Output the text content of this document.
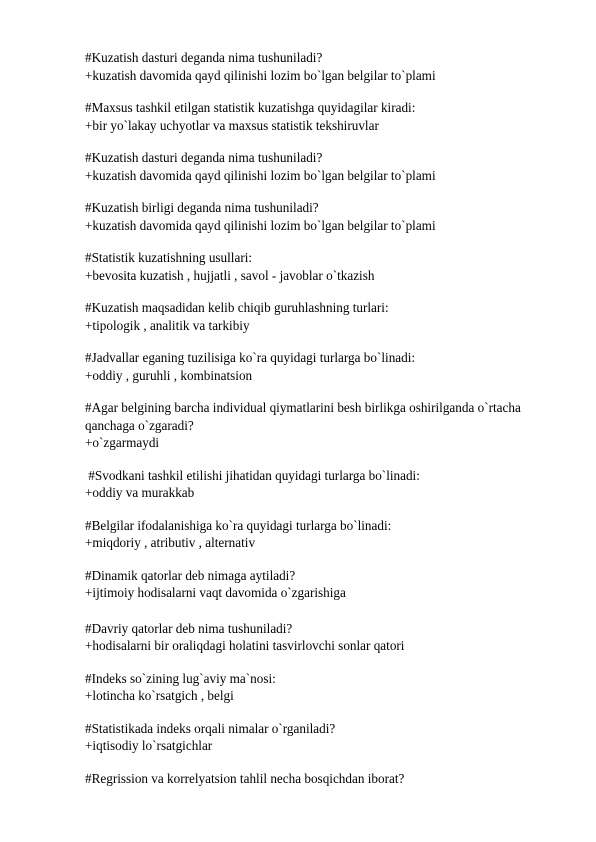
#Kuzatish dasturi deganda nima tushuniladi?
+kuzatish davomida qayd qilinishi lozim bo`lgan belgilar to`plami
#Maxsus tashkil etilgan statistik kuzatishga quyidagilar kiradi:
+bir yo`lakay uchyotlar va maxsus statistik tekshiruvlar
#Kuzatish dasturi deganda nima tushuniladi?
+kuzatish davomida qayd qilinishi lozim bo`lgan belgilar to`plami
#Kuzatish birligi deganda nima tushuniladi?
+kuzatish davomida qayd qilinishi lozim bo`lgan belgilar to`plami
#Statistik kuzatishning usullari:
+bevosita kuzatish , hujjatli , savol - javoblar o`tkazish
#Kuzatish maqsadidan kelib chiqib guruhlashning turlari:
+tipologik , analitik va tarkibiy
#Jadvallar eganing tuzilisiga ko`ra quyidagi turlarga bo`linadi:
+oddiy , guruhli , kombinatsion
#Agar belgining barcha individual qiymatlarini besh birlikga oshirilganda o`rtacha qanchaga o`zgaradi?
+o`zgarmaydi
#Svodkani tashkil etilishi jihatidan quyidagi turlarga bo`linadi:
+oddiy va murakkab
#Belgilar ifodalanishiga ko`ra quyidagi turlarga bo`linadi:
+miqdoriy , atributiv , alternativ
#Dinamik qatorlar deb nimaga aytiladi?
+ijtimoiy hodisalarni vaqt davomida o`zgarishiga
#Davriy qatorlar deb nima tushuniladi?
+hodisalarni bir oraliqdagi holatini tasvirlovchi sonlar qatori
#Indeks so`zining lug`aviy ma`nosi:
+lotincha ko`rsatgich , belgi
#Statistikada indeks orqali nimalar o`rganiladi?
+iqtisodiy lo`rsatgichlar
#Regrission va korrelyatsion tahlil necha bosqichdan iborat?
